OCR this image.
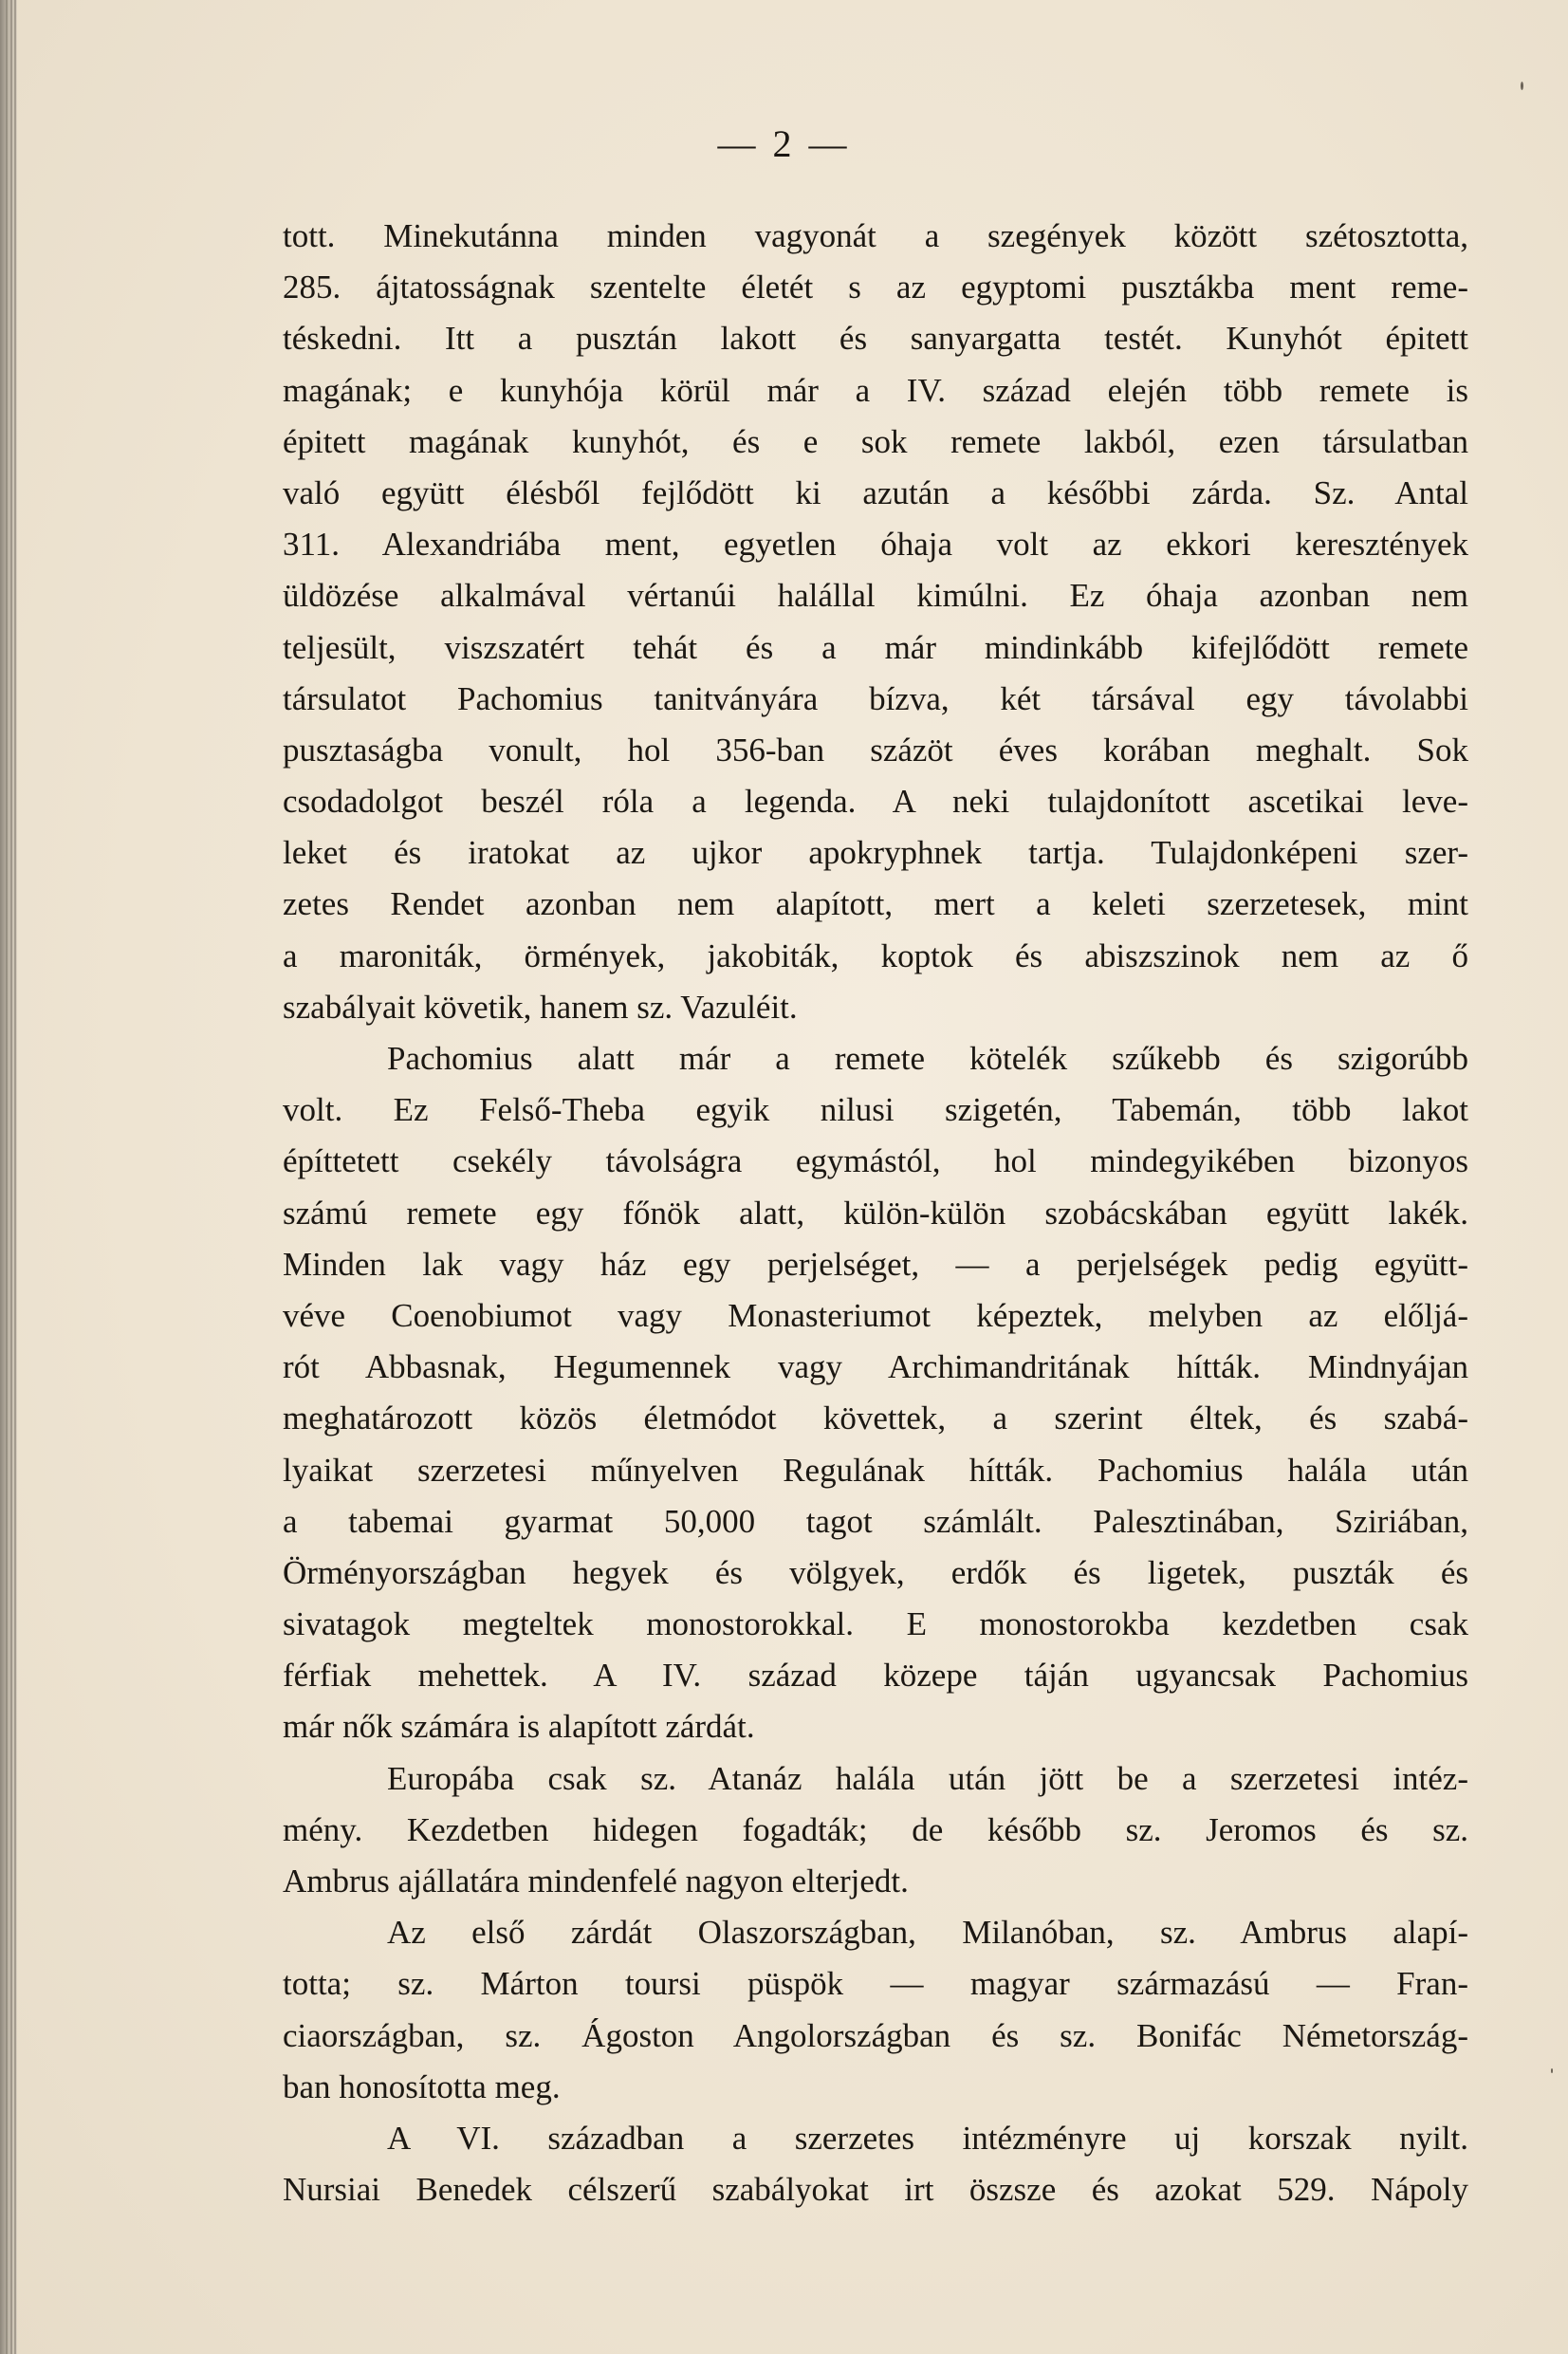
— 2 —
tott. Minekutánna minden vagyonát a szegények között szétosztotta,
285. ájtatosságnak szentelte életét s az egyptomi pusztákba ment reme-
téskedni. Itt a pusztán lakott és sanyargatta testét. Kunyhót épitett
magának; e kunyhója körül már a IV. század elején több remete is
épitett magának kunyhót, és e sok remete lakból, ezen társulatban
való együtt élésből fejlődött ki azután a későbbi zárda. Sz. Antal
311. Alexandriába ment, egyetlen óhaja volt az ekkori keresztények
üldözése alkalmával vértanúi halállal kimúlni. Ez óhaja azonban nem
teljesült, viszszatért tehát és a már mindinkább kifejlődött remete
társulatot Pachomius tanitványára bízva, két társával egy távolabbi
pusztaságba vonult, hol 356-ban százöt éves korában meghalt. Sok
csodadolgot beszél róla a legenda. A neki tulajdonított ascetikai leve-
leket és iratokat az ujkor apokryphnek tartja. Tulajdonképeni szer-
zetes Rendet azonban nem alapított, mert a keleti szerzetesek, mint
a maroniták, örmények, jakobiták, koptok és abiszszinok nem az ő
szabályait követik, hanem sz. Vazuléit.
Pachomius alatt már a remete kötelék szűkebb és szigorúbb
volt. Ez Felső-Theba egyik nilusi szigetén, Tabemán, több lakot
építtetett csekély távolságra egymástól, hol mindegyikében bizonyos
számú remete egy főnök alatt, külön-külön szobácskában együtt lakék.
Minden lak vagy ház egy perjelséget, — a perjelségek pedig együtt-
véve Coenobiumot vagy Monasteriumot képeztek, melyben az előljá-
rót Abbasnak, Hegumennek vagy Archimandritának hítták. Mindnyájan
meghatározott közös életmódot követtek, a szerint éltek, és szabá-
lyaikat szerzetesi műnyelven Regulának hítták. Pachomius halála után
a tabemai gyarmat 50,000 tagot számlált. Palesztinában, Sziriában,
Örményországban hegyek és völgyek, erdők és ligetek, puszták és
sivatagok megteltek monostorokkal. E monostorokba kezdetben csak
férfiak mehettek. A IV. század közepe táján ugyancsak Pachomius
már nők számára is alapított zárdát.
Europába csak sz. Atanáz halála után jött be a szerzetesi intéz-
mény. Kezdetben hidegen fogadták; de később sz. Jeromos és sz.
Ambrus ajállatára mindenfelé nagyon elterjedt.
Az első zárdát Olaszországban, Milanóban, sz. Ambrus alapí-
totta; sz. Márton toursi püspök — magyar származású — Fran-
ciaországban, sz. Ágoston Angolországban és sz. Bonifác Németország-
ban honosította meg.
A VI. században a szerzetes intézményre uj korszak nyilt.
Nursiai Benedek célszerű szabályokat irt öszsze és azokat 529. Nápoly
